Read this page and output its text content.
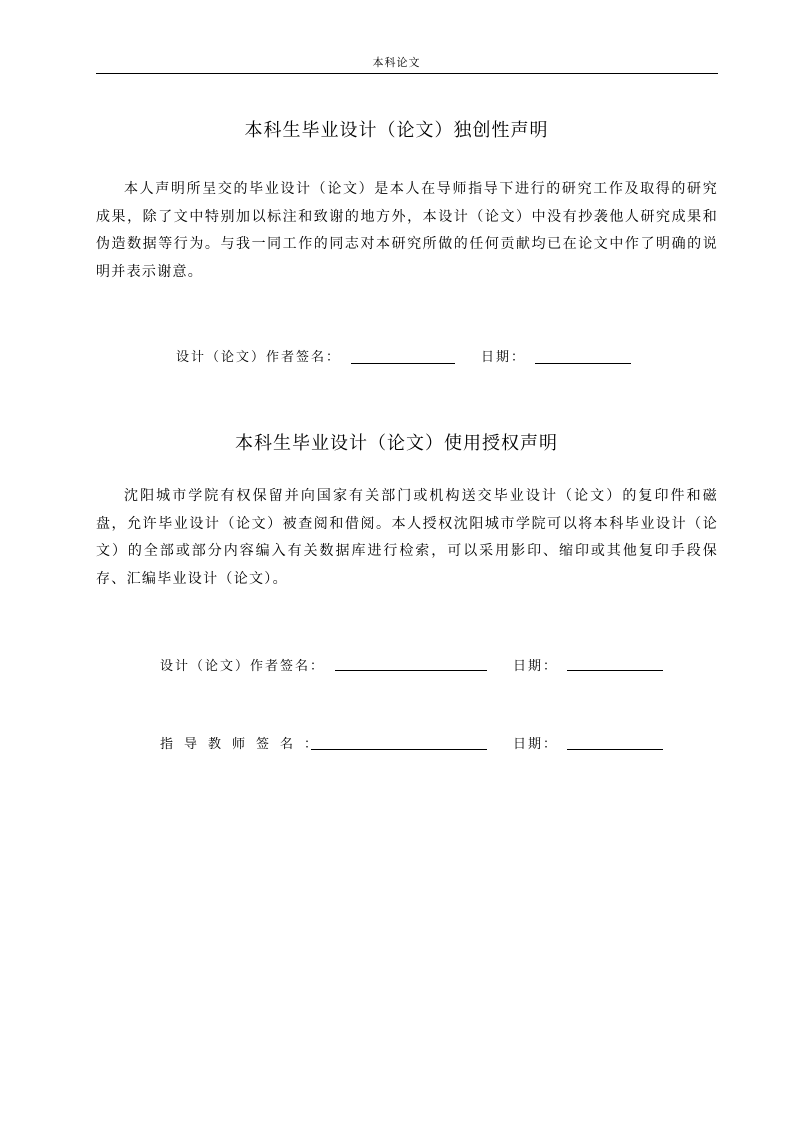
本科论文
本科生毕业设计（论文）独创性声明
本人声明所呈交的毕业设计（论文）是本人在导师指导下进行的研究工作及取得的研究成果，除了文中特别加以标注和致谢的地方外，本设计（论文）中没有抄袭他人研究成果和伪造数据等行为。与我一同工作的同志对本研究所做的任何贡献均已在论文中作了明确的说明并表示谢意。
设计（论文）作者签名：	日期：
本科生毕业设计（论文）使用授权声明
沈阳城市学院有权保留并向国家有关部门或机构送交毕业设计（论文）的复印件和磁盘，允许毕业设计（论文）被查阅和借阅。本人授权沈阳城市学院可以将本科毕业设计（论文）的全部或部分内容编入有关数据库进行检索，可以采用影印、缩印或其他复印手段保存、汇编毕业设计（论文）。
设计（论文）作者签名：	日期：
指导教师签名：	日期：
